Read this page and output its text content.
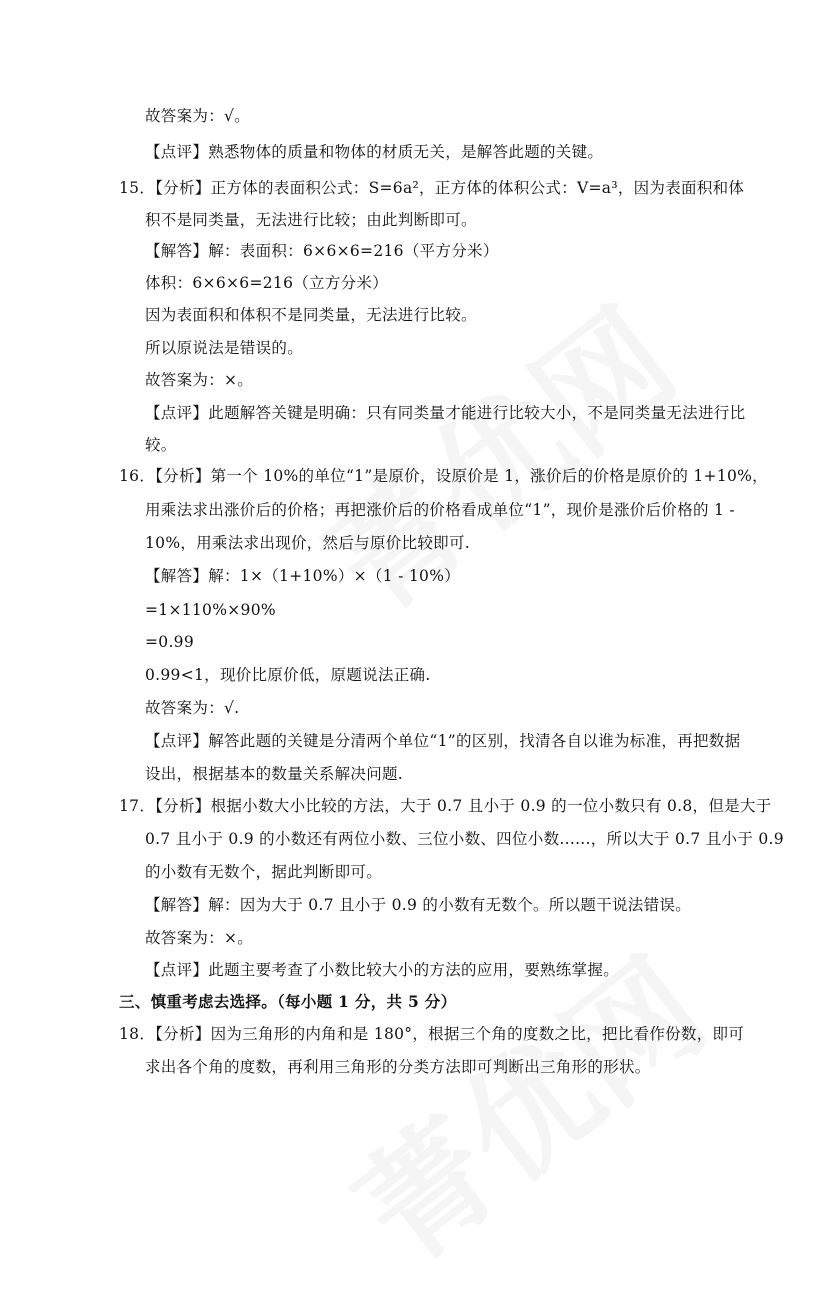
故答案为：√。
【点评】熟悉物体的质量和物体的材质无关，是解答此题的关键。
15．【分析】正方体的表面积公式：S=6a²，正方体的体积公式：V=a³，因为表面积和体
积不是同类量，无法进行比较；由此判断即可。
【解答】解：表面积：6×6×6=216（平方分米）
体积：6×6×6=216（立方分米）
因为表面积和体积不是同类量，无法进行比较。
所以原说法是错误的。
故答案为：×。
【点评】此题解答关键是明确：只有同类量才能进行比较大小，不是同类量无法进行比
较。
16．【分析】第一个 10%的单位“1”是原价，设原价是 1，涨价后的价格是原价的 1+10%，
用乘法求出涨价后的价格；再把涨价后的价格看成单位“1”，现价是涨价后价格的 1 -
10%，用乘法求出现价，然后与原价比较即可.
【解答】解：1×（1+10%）×（1 - 10%）
=1×110%×90%
=0.99
0.99<1，现价比原价低，原题说法正确.
故答案为：√.
【点评】解答此题的关键是分清两个单位“1”的区别，找清各自以谁为标准，再把数据
设出，根据基本的数量关系解决问题.
17．【分析】根据小数大小比较的方法，大于 0.7 且小于 0.9 的一位小数只有 0.8，但是大于
0.7 且小于 0.9 的小数还有两位小数、三位小数、四位小数......，所以大于 0.7 且小于 0.9
的小数有无数个，据此判断即可。
【解答】解：因为大于 0.7 且小于 0.9 的小数有无数个。所以题干说法错误。
故答案为：×。
【点评】此题主要考查了小数比较大小的方法的应用，要熟练掌握。
三、慎重考虑去选择。（每小题 1 分，共 5 分）
18．【分析】因为三角形的内角和是 180°，根据三个角的度数之比，把比看作份数，即可
求出各个角的度数，再利用三角形的分类方法即可判断出三角形的形状。
